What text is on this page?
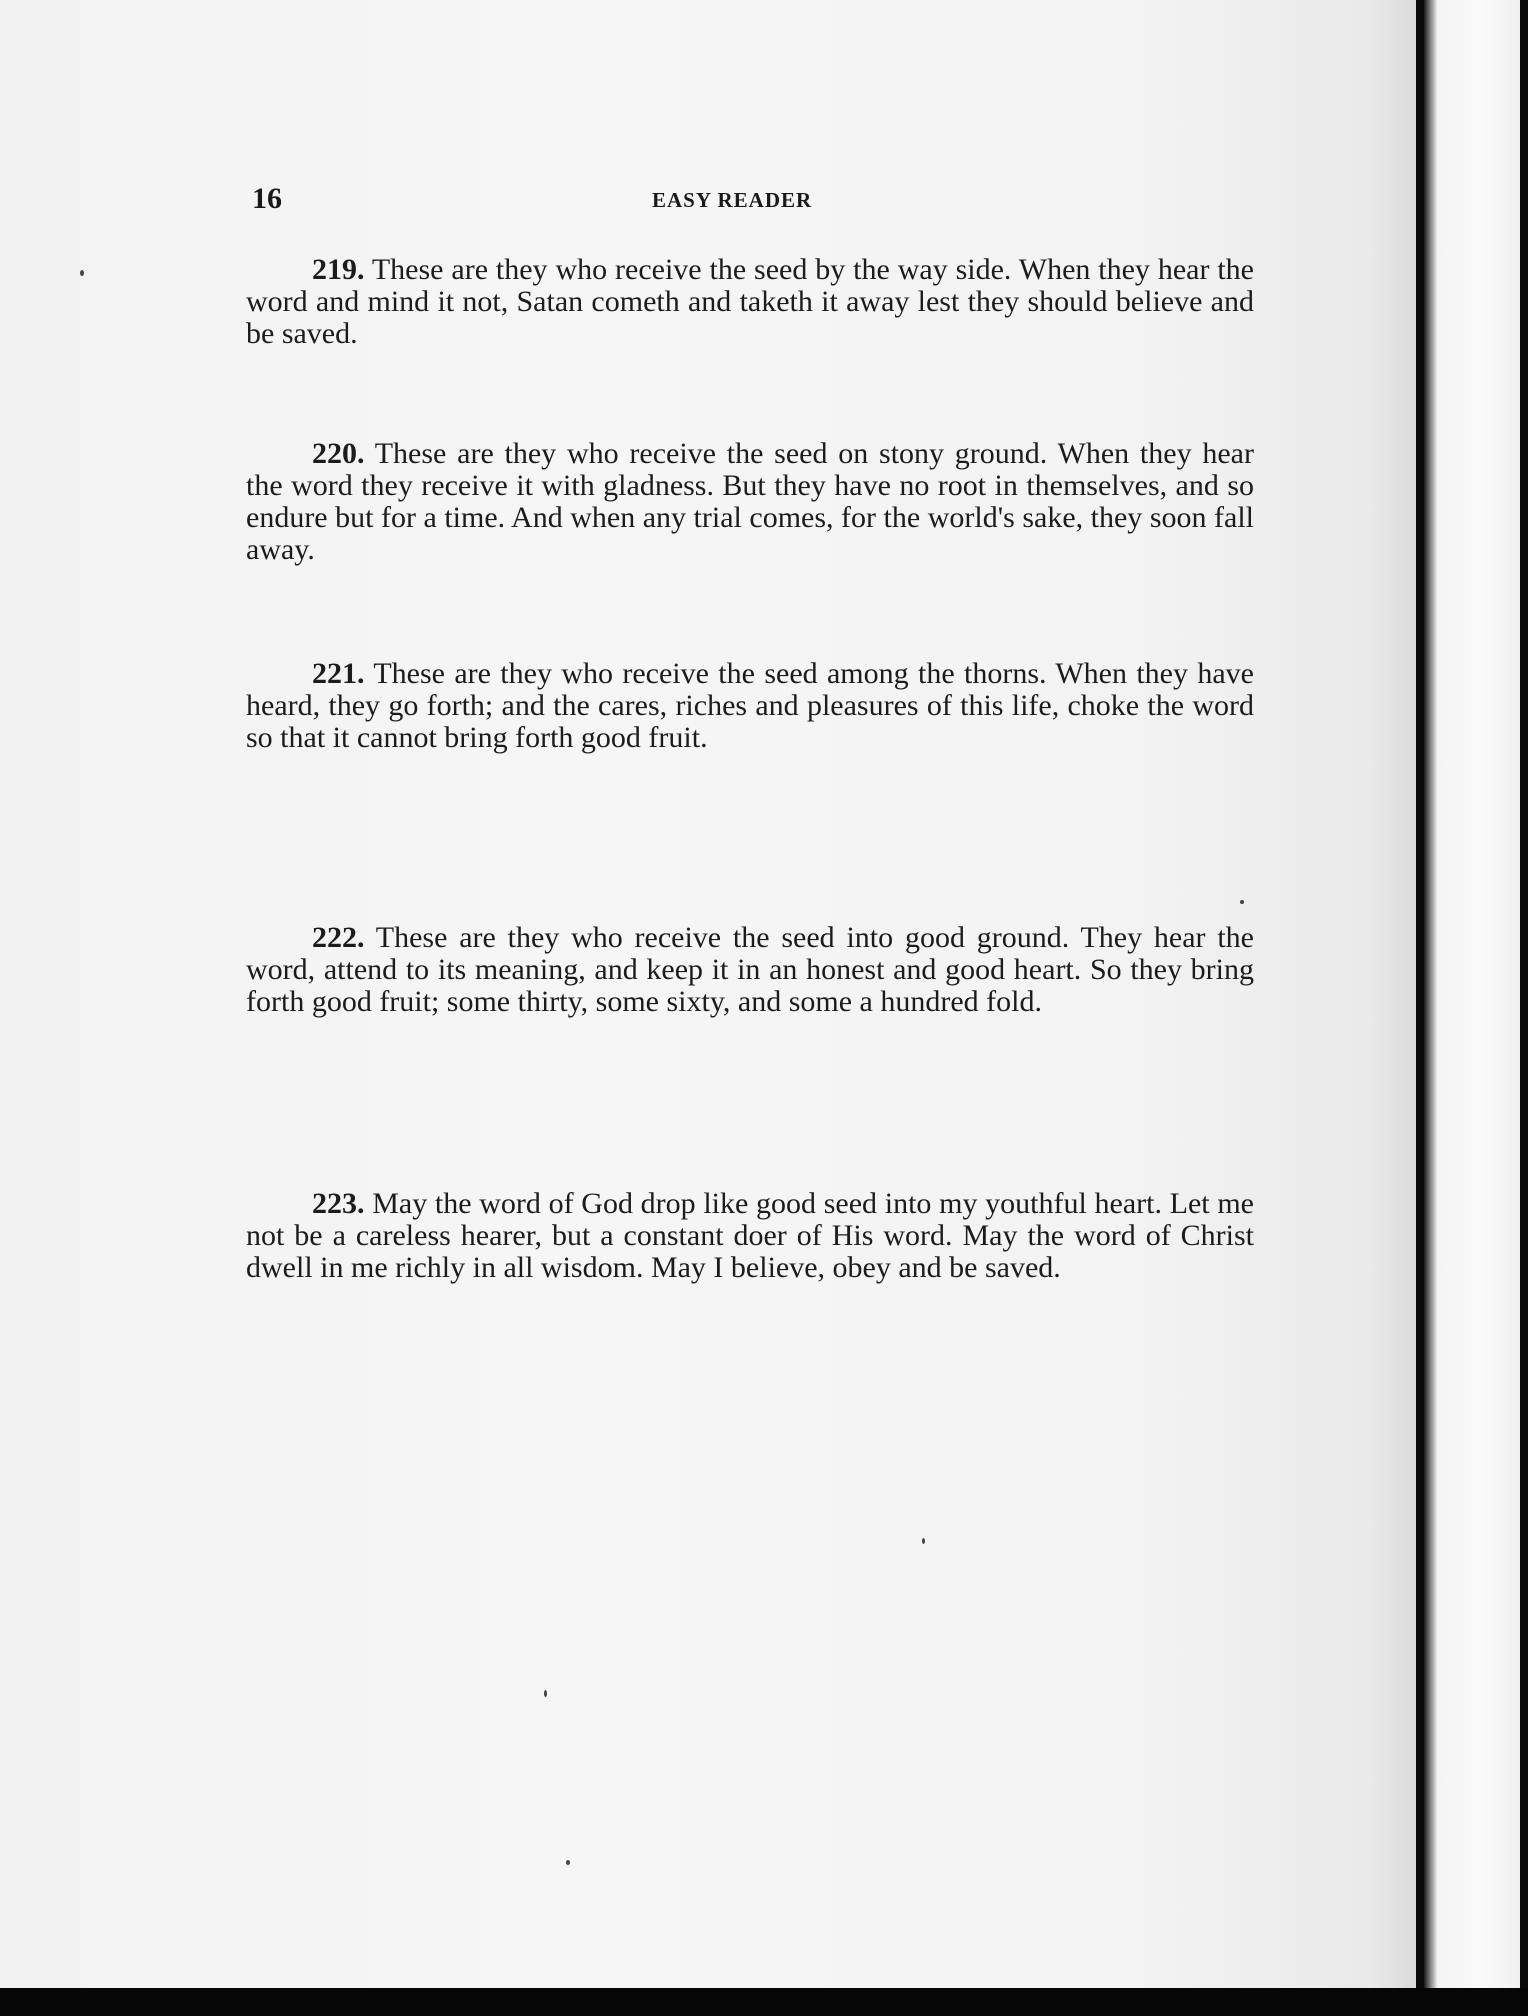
16	EASY READER

219. These are they who receive the seed by the way side. When they hear the word and mind it not, Satan cometh and taketh it away lest they should believe and be saved.

220. These are they who receive the seed on stony ground. When they hear the word they receive it with gladness. But they have no root in themselves, and so endure but for a time. And when any trial comes, for the world's sake, they soon fall away.

221. These are they who receive the seed among the thorns. When they have heard, they go forth; and the cares, riches and pleasures of this life, choke the word so that it cannot bring forth good fruit.

222. These are they who receive the seed into good ground. They hear the word, attend to its meaning, and keep it in an honest and good heart. So they bring forth good fruit; some thirty, some sixty, and some a hundred fold.

223. May the word of God drop like good seed into my youthful heart. Let me not be a careless hearer, but a constant doer of His word. May the word of Christ dwell in me richly in all wisdom. May I believe, obey and be saved.
